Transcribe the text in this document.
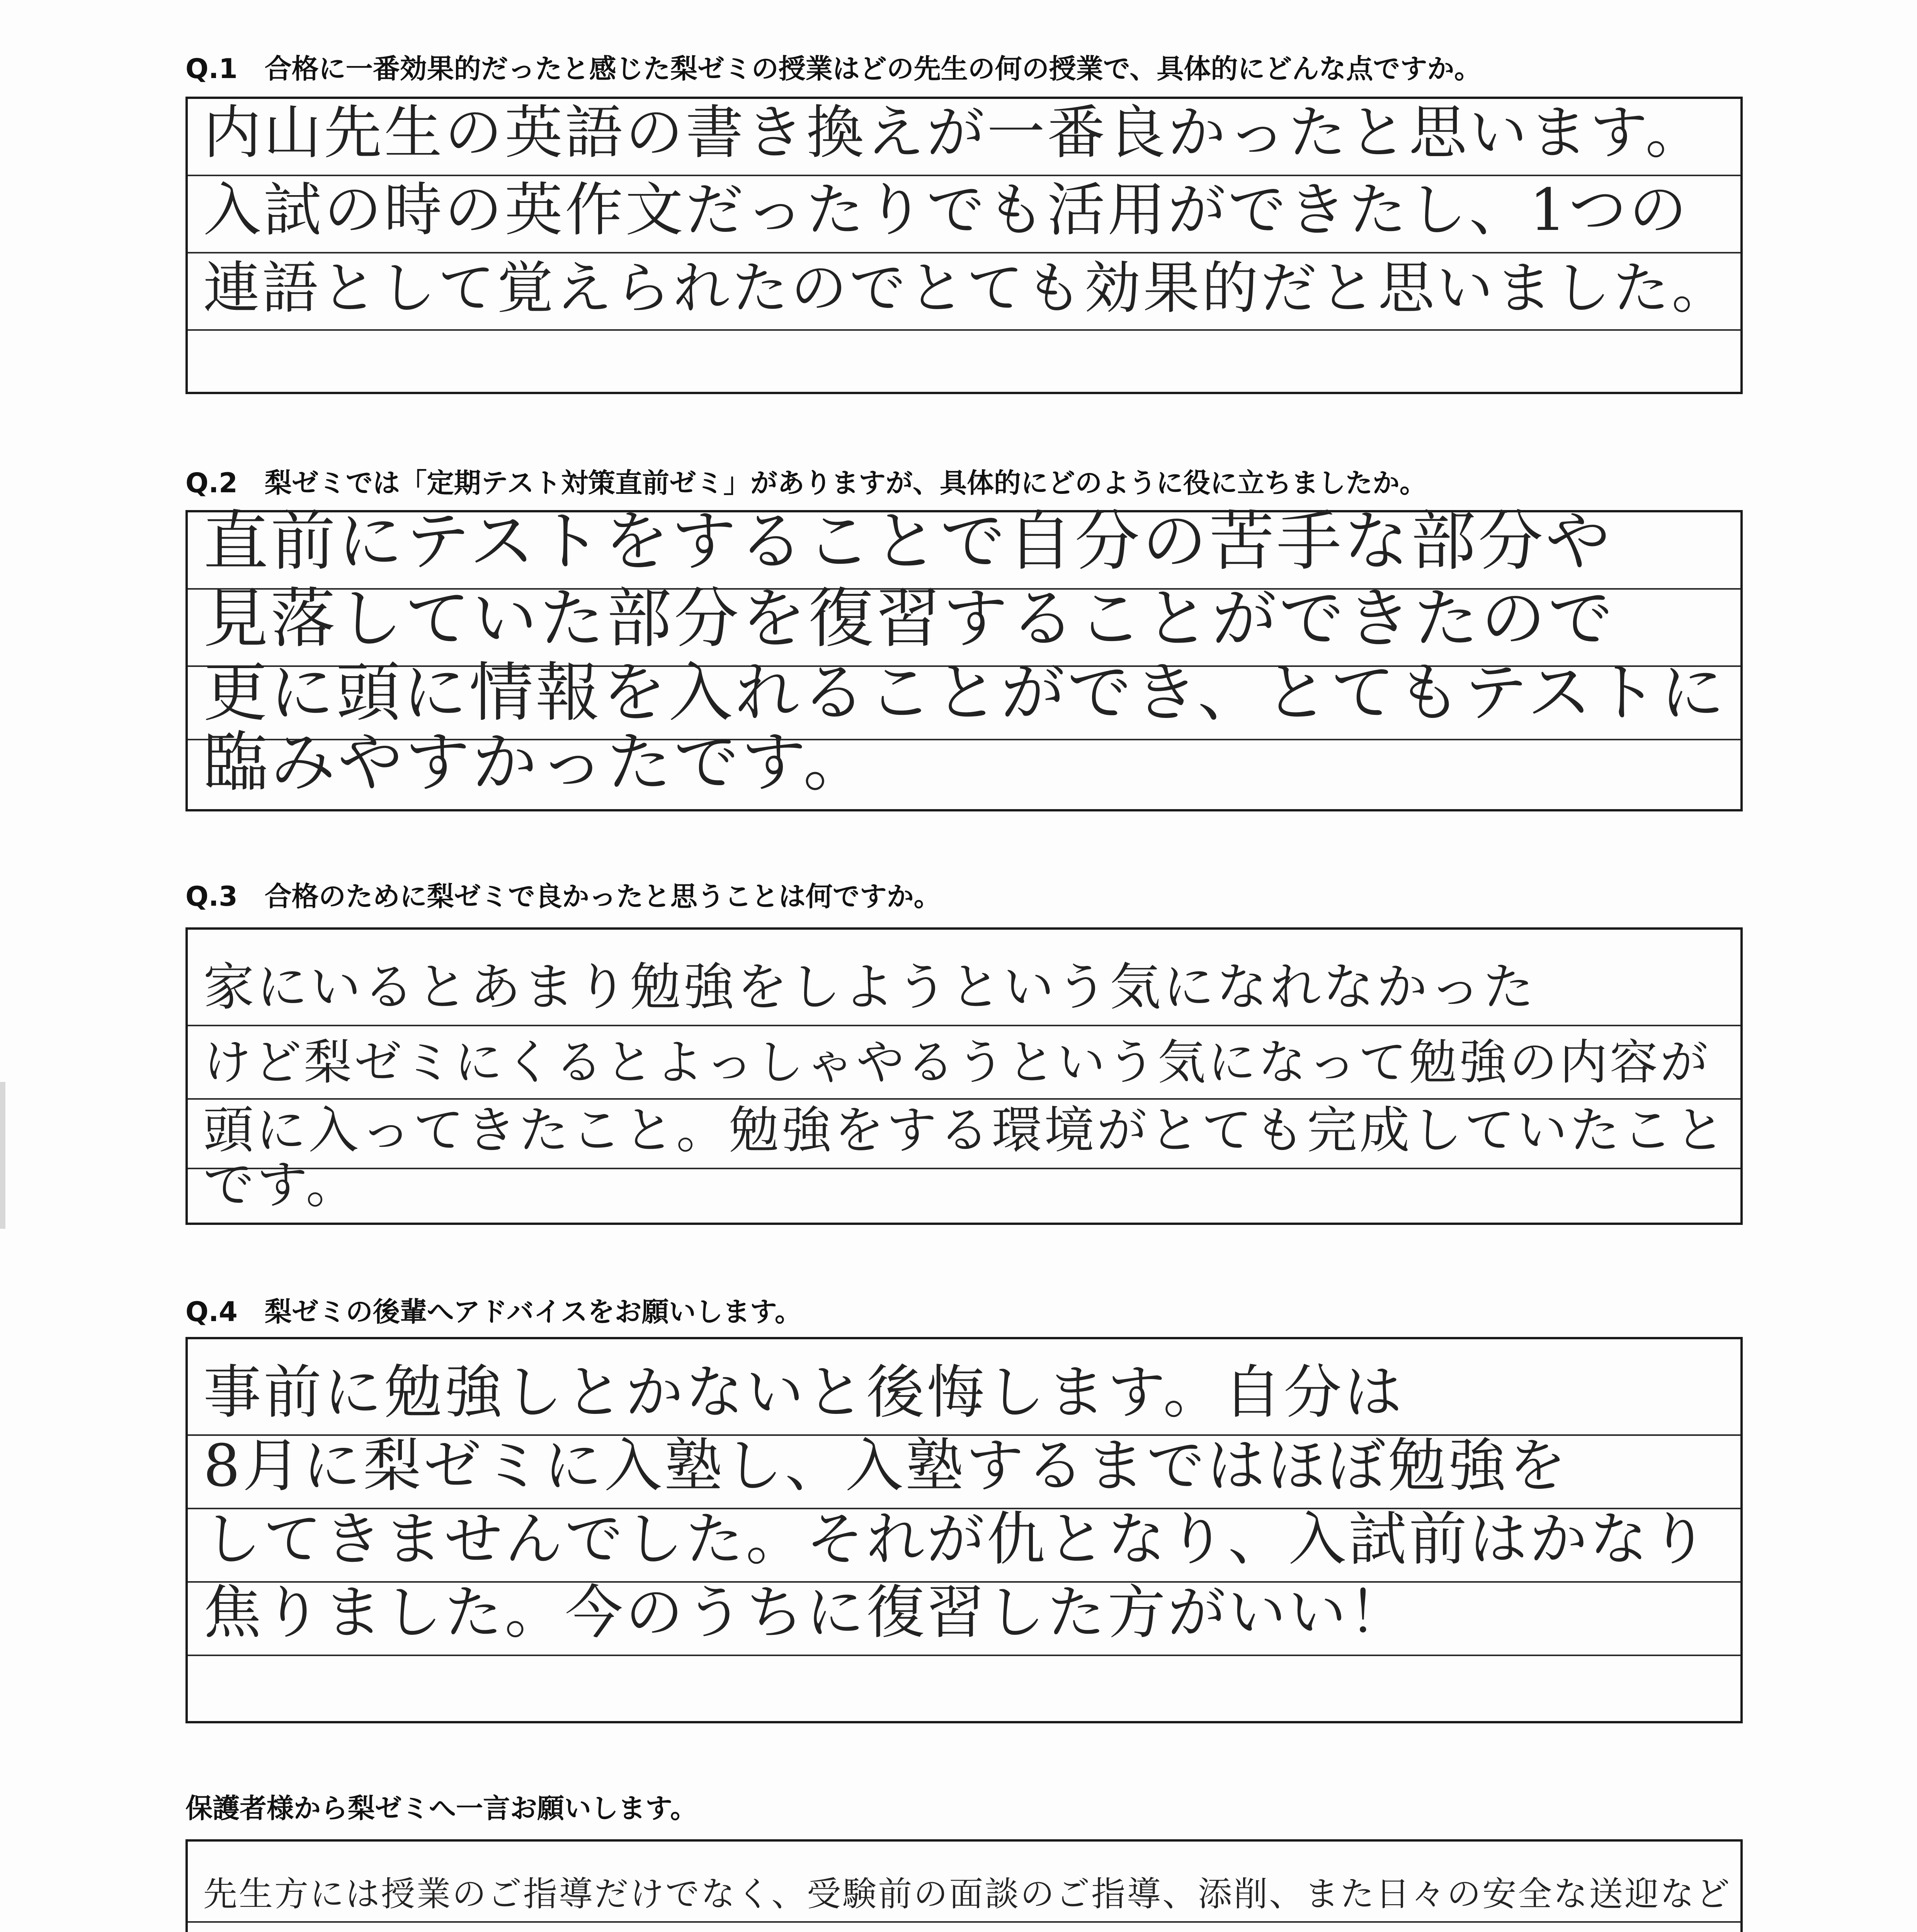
Q.1　合格に一番効果的だったと感じた梨ゼミの授業はどの先生の何の授業で、具体的にどんな点ですか。
内山先生の英語の書き換えが一番良かったと思います。
入試の時の英作文だったりでも活用ができたし、1つの
連語として覚えられたのでとても効果的だと思いました。
Q.2　梨ゼミでは「定期テスト対策直前ゼミ」がありますが、具体的にどのように役に立ちましたか。
直前にテストをすることで自分の苦手な部分や
見落していた部分を復習することができたので
更に頭に情報を入れることができ、とてもテストに
臨みやすかったです。
Q.3　合格のために梨ゼミで良かったと思うことは何ですか。
家にいるとあまり勉強をしようという気になれなかった
けど梨ゼミにくるとよっしゃやるうという気になって勉強の内容が
頭に入ってきたこと。勉強をする環境がとても完成していたこと
です。
Q.4　梨ゼミの後輩へアドバイスをお願いします。
事前に勉強しとかないと後悔します。自分は
8月に梨ゼミに入塾し、入塾するまではほぼ勉強を
してきませんでした。それが仇となり、入試前はかなり
焦りました。今のうちに復習した方がいい！
保護者様から梨ゼミへ一言お願いします。
先生方には授業のご指導だけでなく、受験前の面談のご指導、添削、また日々の安全な送迎など
